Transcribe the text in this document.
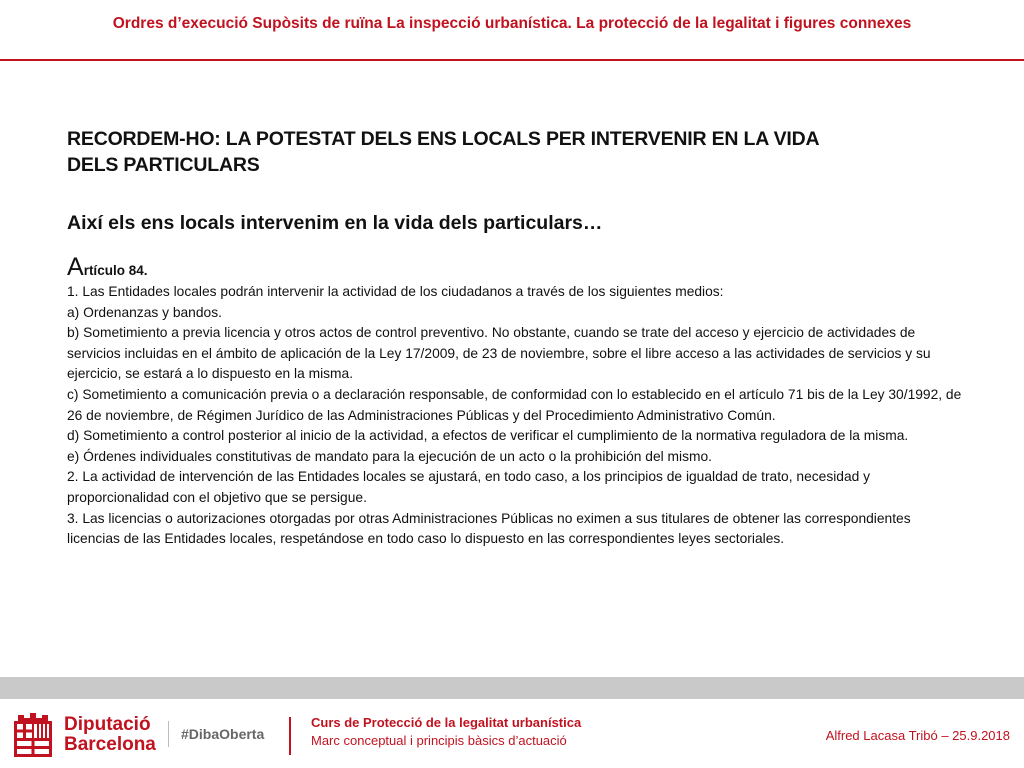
Ordres d’execució Supòsits de ruïna La inspecció urbanística. La protecció de la legalitat i figures connexes

RECORDEM-HO: LA POTESTAT DELS ENS LOCALS PER INTERVENIR EN LA VIDA
DELS PARTICULARS

Així els ens locals intervenim en la vida dels particulars…

Artículo 84.

1. Las Entidades locales podrán intervenir la actividad de los ciudadanos a través de los siguientes medios:

a) Ordenanzas y bandos.

b) Sometimiento a previa licencia y otros actos de control preventivo. No obstante, cuando se trate del acceso y ejercicio de actividades de servicios incluidas en el ámbito de aplicación de la Ley 17/2009, de 23 de noviembre, sobre el libre acceso a las actividades de servicios y su ejercicio, se estará a lo dispuesto en la misma.

c) Sometimiento a comunicación previa o a declaración responsable, de conformidad con lo establecido en el artículo 71 bis de la Ley 30/1992, de 26 de noviembre, de Régimen Jurídico de las Administraciones Públicas y del Procedimiento Administrativo Común.

d) Sometimiento a control posterior al inicio de la actividad, a efectos de verificar el cumplimiento de la normativa reguladora de la misma.

e) Órdenes individuales constitutivas de mandato para la ejecución de un acto o la prohibición del mismo.

2. La actividad de intervención de las Entidades locales se ajustará, en todo caso, a los principios de igualdad de trato, necesidad y proporcionalidad con el objetivo que se persigue.

3. Las licencias o autorizaciones otorgadas por otras Administraciones Públicas no eximen a sus titulares de obtener las correspondientes licencias de las Entidades locales, respetándose en todo caso lo dispuesto en las correspondientes leyes sectoriales.

Diputació
Barcelona	#DibaOberta
Curs de Protecció de la legalitat urbanística
Marc conceptual i principis bàsics d’actuació	Alfred Lacasa Tribó – 25.9.2018
